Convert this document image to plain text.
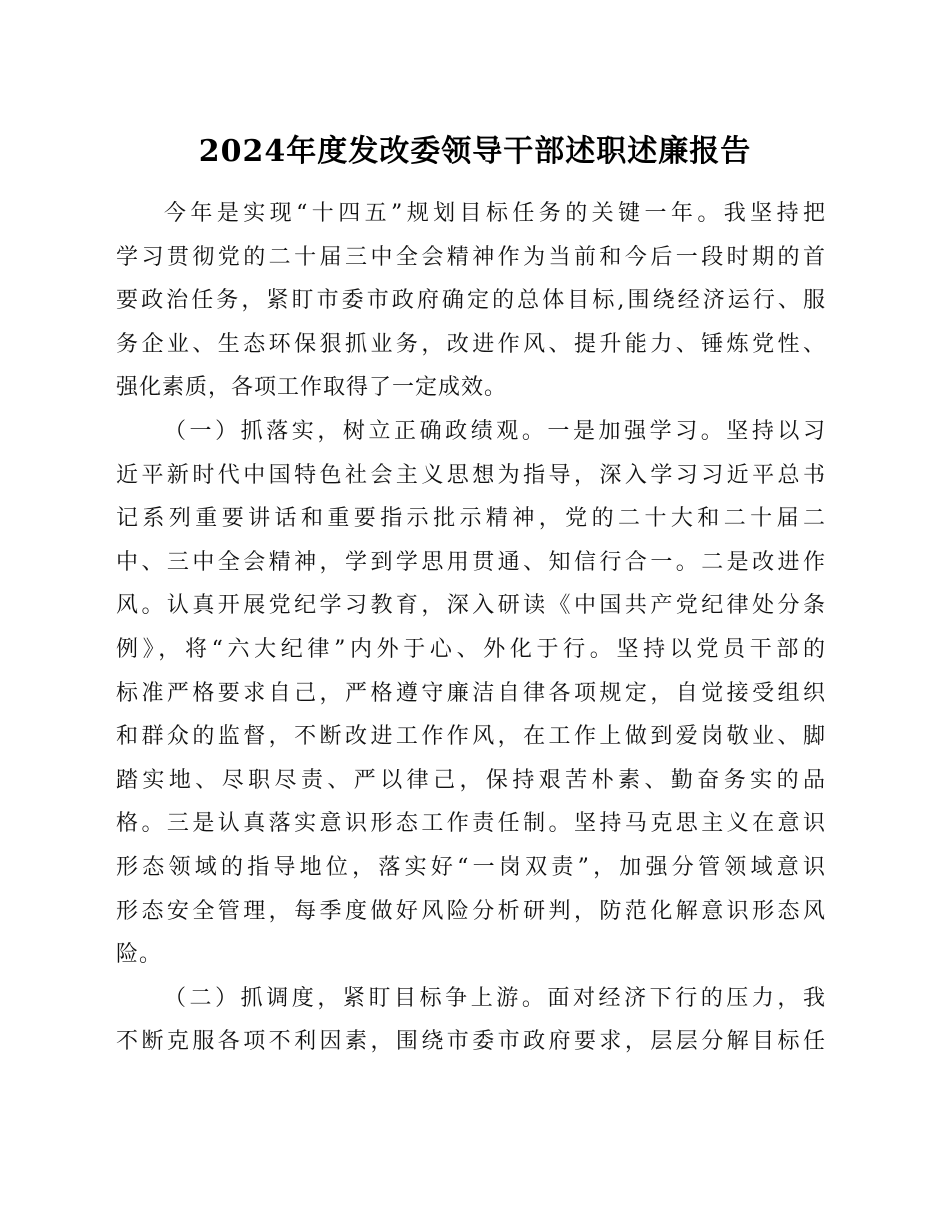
2024年度发改委领导干部述职述廉报告
今年是实现“十四五”规划目标任务的关键一年。我坚持把
学习贯彻党的二十届三中全会精神作为当前和今后一段时期的首
要政治任务，紧盯市委市政府确定的总体目标,围绕经济运行、服
务企业、生态环保狠抓业务，改进作风、提升能力、锤炼党性、
强化素质，各项工作取得了一定成效。
（一）抓落实，树立正确政绩观。一是加强学习。坚持以习
近平新时代中国特色社会主义思想为指导，深入学习习近平总书
记系列重要讲话和重要指示批示精神，党的二十大和二十届二
中、三中全会精神，学到学思用贯通、知信行合一。二是改进作
风。认真开展党纪学习教育，深入研读《中国共产党纪律处分条
例》，将“六大纪律”内外于心、外化于行。坚持以党员干部的
标准严格要求自己，严格遵守廉洁自律各项规定，自觉接受组织
和群众的监督，不断改进工作作风，在工作上做到爱岗敬业、脚
踏实地、尽职尽责、严以律己，保持艰苦朴素、勤奋务实的品
格。三是认真落实意识形态工作责任制。坚持马克思主义在意识
形态领域的指导地位，落实好“一岗双责”，加强分管领域意识
形态安全管理，每季度做好风险分析研判，防范化解意识形态风
险。
（二）抓调度，紧盯目标争上游。面对经济下行的压力，我
不断克服各项不利因素，围绕市委市政府要求，层层分解目标任
